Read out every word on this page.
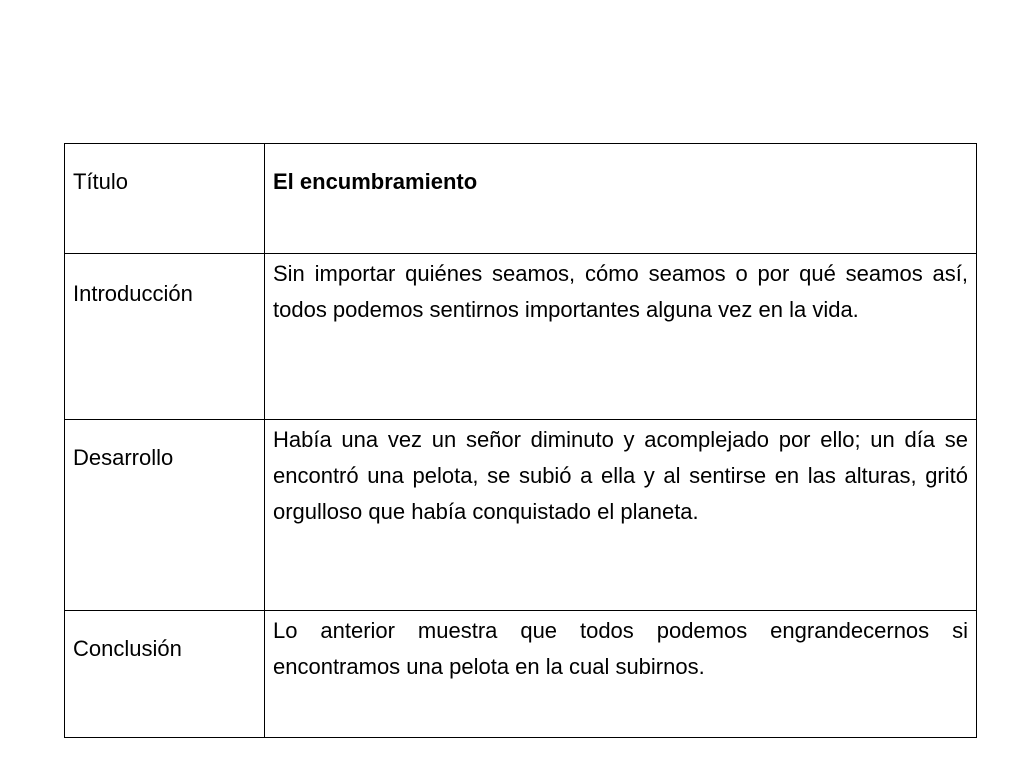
Título	El encumbramiento
Introducción	Sin importar quiénes seamos, cómo seamos o por qué seamos así, todos podemos sentirnos importantes alguna vez en la vida.
Desarrollo	Había una vez un señor diminuto y acomplejado por ello; un día se encontró una pelota, se subió a ella y al sentirse en las alturas, gritó orgulloso que había conquistado el planeta.
Conclusión	Lo anterior muestra que todos podemos engrandecernos si encontramos una pelota en la cual subirnos.
